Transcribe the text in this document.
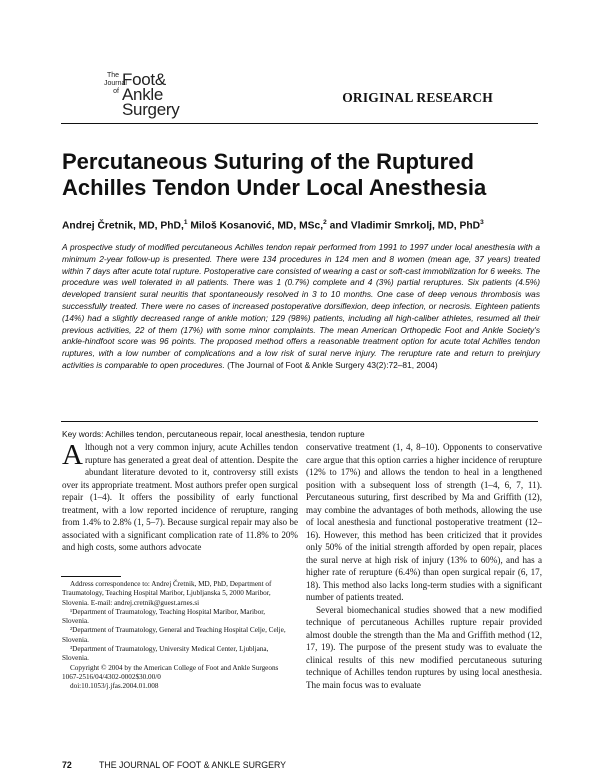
The
Journal
of
Foot&
Ankle
Surgery
ORIGINAL RESEARCH
Percutaneous Suturing of the Ruptured
Achilles Tendon Under Local Anesthesia
Andrej Čretnik, MD, PhD,$^1$ Miloš Kosanović, MD, MSc,$^2$ and Vladimir Smrkolj, MD, PhD$^3$
A prospective study of modified percutaneous Achilles tendon repair performed from 1991 to 1997 under local anesthesia with a minimum 2-year follow-up is presented. There were 134 procedures in 124 men and 8 women (mean age, 37 years) treated within 7 days after acute total rupture. Postoperative care consisted of wearing a cast or soft-cast immobilization for 6 weeks. The procedure was well tolerated in all patients. There was 1 (0.7%) complete and 4 (3%) partial reruptures. Six patients (4.5%) developed transient sural neuritis that spontaneously resolved in 3 to 10 months. One case of deep venous thrombosis was successfully treated. There were no cases of increased postoperative dorsiflexion, deep infection, or necrosis. Eighteen patients (14%) had a slightly decreased range of ankle motion; 129 (98%) patients, including all high-caliber athletes, resumed all their previous activities, 22 of them (17%) with some minor complaints. The mean American Orthopedic Foot and Ankle Society's ankle-hindfoot score was 96 points. The proposed method offers a reasonable treatment option for acute total Achilles tendon ruptures, with a low number of complications and a low risk of sural nerve injury. The rerupture rate and return to preinjury activities is comparable to open procedures. (The Journal of Foot & Ankle Surgery 43(2):72–81, 2004)
Key words: Achilles tendon, percutaneous repair, local anesthesia, tendon rupture

Although not a very common injury, acute Achilles tendon rupture has generated a great deal of attention. Despite the abundant literature devoted to it, controversy still exists over its appropriate treatment. Most authors prefer open surgical repair (1–4). It offers the possibility of early functional treatment, with a low reported incidence of rerupture, ranging from 1.4% to 2.8% (1, 5–7). Because surgical repair may also be associated with a significant complication rate of 11.8% to 20% and high costs, some authors advocate

Address correspondence to: Andrej Čretnik, MD, PhD, Department of Traumatology, Teaching Hospital Maribor, Ljubljanska 5, 2000 Maribor, Slovenia. E-mail: andrej.cretnik@guest.arnes.si
¹Department of Traumatology, Teaching Hospital Maribor, Maribor, Slovenia.
²Department of Traumatology, General and Teaching Hospital Celje, Celje, Slovenia.
³Department of Traumatology, University Medical Center, Ljubljana, Slovenia.
Copyright © 2004 by the American College of Foot and Ankle Surgeons 1067-2516/04/4302-0002$30.00/0
doi:10.1053/j.jfas.2004.01.008

conservative treatment (1, 4, 8–10). Opponents to conservative care argue that this option carries a higher incidence of rerupture (12% to 17%) and allows the tendon to heal in a lengthened position with a subsequent loss of strength (1–4, 6, 7, 11). Percutaneous suturing, first described by Ma and Griffith (12), may combine the advantages of both methods, allowing the use of local anesthesia and functional postoperative treatment (12–16). However, this method has been criticized that it provides only 50% of the initial strength afforded by open repair, places the sural nerve at high risk of injury (13% to 60%), and has a higher rate of rerupture (6.4%) than open surgical repair (6, 17, 18). This method also lacks long-term studies with a significant number of patients treated.

Several biomechanical studies showed that a new modified technique of percutaneous Achilles rupture repair provided almost double the strength than the Ma and Griffith method (12, 17, 19). The purpose of the present study was to evaluate the clinical results of this new modified percutaneous suturing technique of Achilles tendon ruptures by using local anesthesia. The main focus was to evaluate

72	THE JOURNAL OF FOOT & ANKLE SURGERY
